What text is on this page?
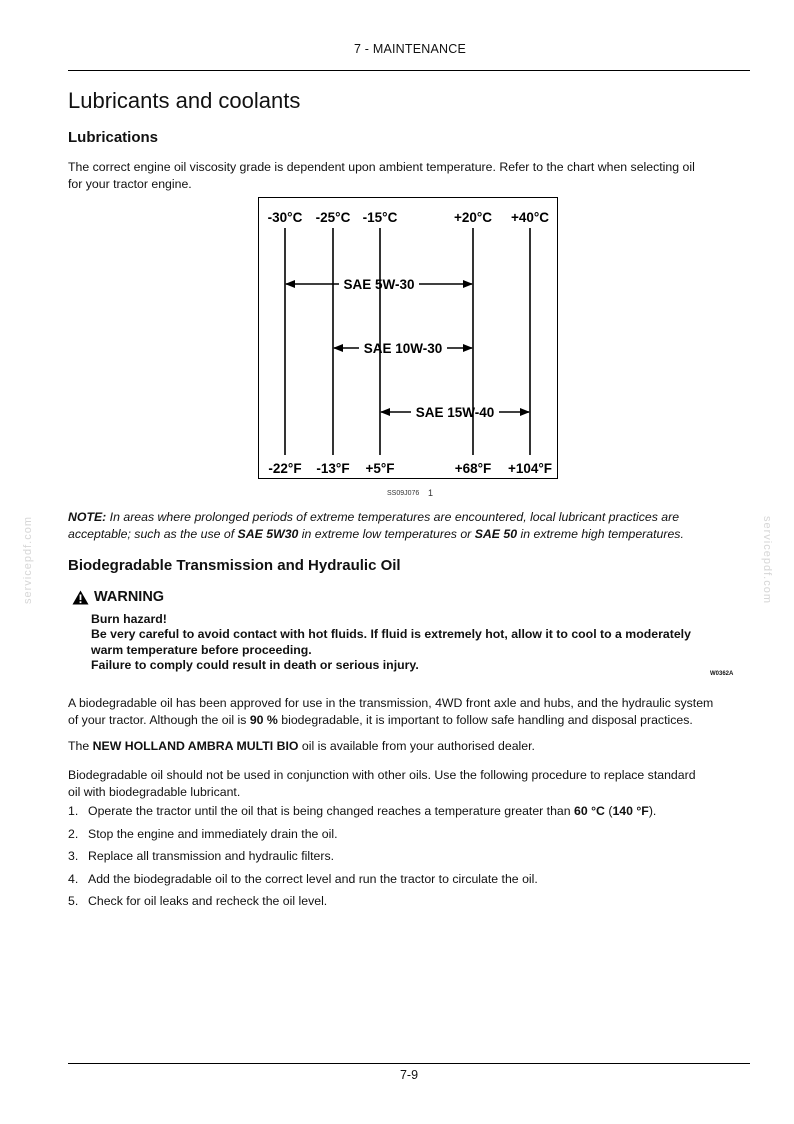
7 - MAINTENANCE
Lubricants and coolants
Lubrications

The correct engine oil viscosity grade is dependent upon ambient temperature. Refer to the chart when selecting oil
for your tractor engine.

-30°C
-22°F
-25°C
-13°F
-15°C
+5°F
+20°C
+68°F
+40°C
+104°F
SAE 5W-30
SAE 10W-30
SAE 15W-40
SS09J076 1

NOTE: In areas where prolonged periods of extreme temperatures are encountered, local lubricant practices are
acceptable; such as the use of SAE 5W30 in extreme low temperatures or SAE 50 in extreme high temperatures.

servicepdf.com	servicepdf.com
Biodegradable Transmission and Hydraulic Oil
WARNING

Burn hazard!
Be very careful to avoid contact with hot fluids. If fluid is extremely hot, allow it to cool to a moderately
warm temperature before proceeding.
Failure to comply could result in death or serious injury.

W0362A

A biodegradable oil has been approved for use in the transmission, 4WD front axle and hubs, and the hydraulic system
of your tractor. Although the oil is 90 % biodegradable, it is important to follow safe handling and disposal practices.

The NEW HOLLAND AMBRA MULTI BIO oil is available from your authorised dealer.

Biodegradable oil should not be used in conjunction with other oils. Use the following procedure to replace standard
oil with biodegradable lubricant.

1. Operate the tractor until the oil that is being changed reaches a temperature greater than 60 °C (140 °F).
2. Stop the engine and immediately drain the oil.
3. Replace all transmission and hydraulic filters.
4. Add the biodegradable oil to the correct level and run the tractor to circulate the oil.
5. Check for oil leaks and recheck the oil level.
7-9
